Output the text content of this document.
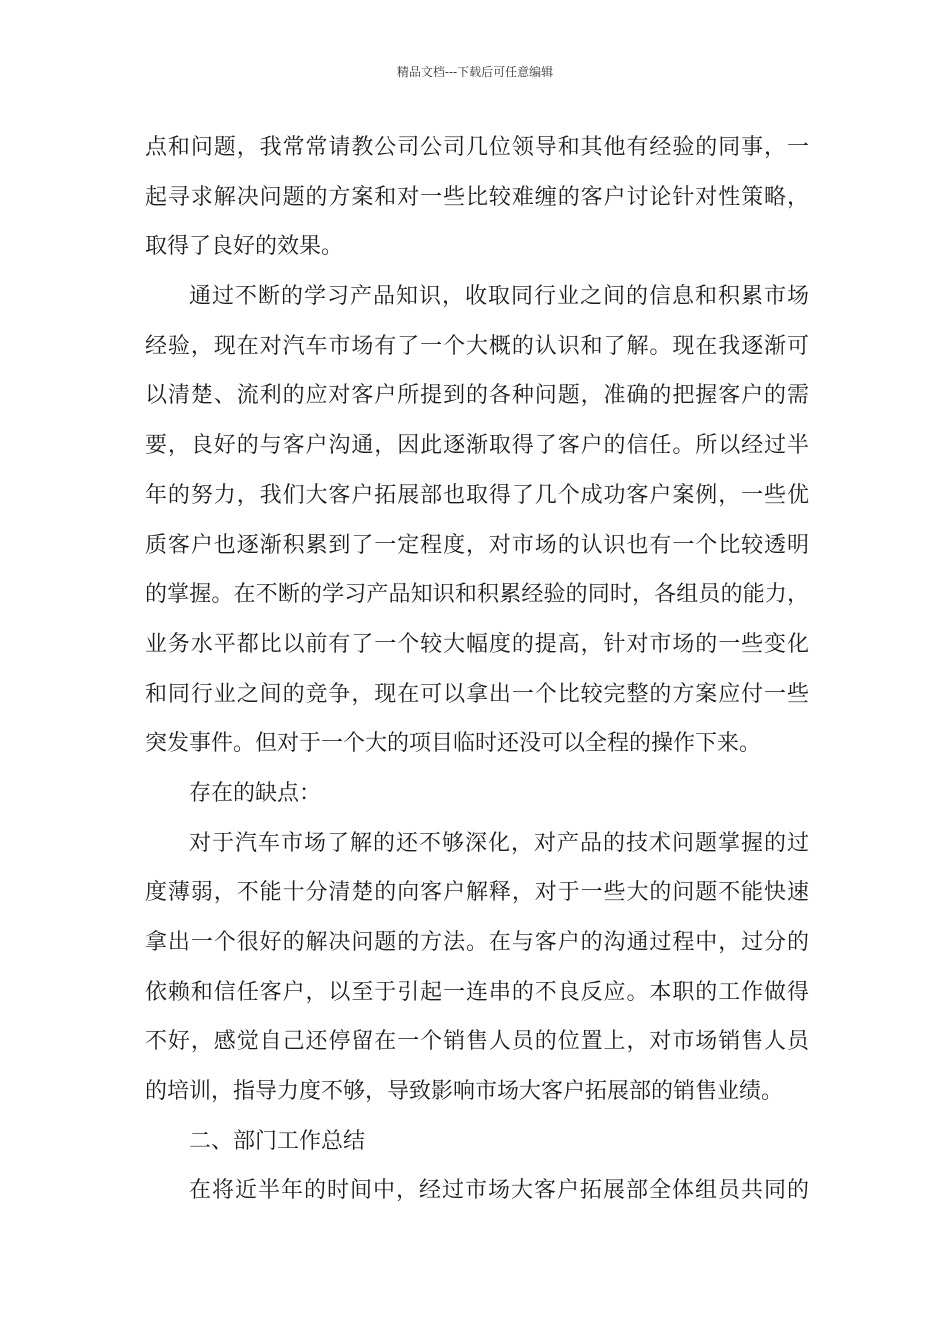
精品文档---下载后可任意编辑
点和问题，我常常请教公司公司几位领导和其他有经验的同事，一
起寻求解决问题的方案和对一些比较难缠的客户讨论针对性策略，
取得了良好的效果。
通过不断的学习产品知识，收取同行业之间的信息和积累市场
经验，现在对汽车市场有了一个大概的认识和了解。现在我逐渐可
以清楚、流利的应对客户所提到的各种问题，准确的把握客户的需
要，良好的与客户沟通，因此逐渐取得了客户的信任。所以经过半
年的努力，我们大客户拓展部也取得了几个成功客户案例，一些优
质客户也逐渐积累到了一定程度，对市场的认识也有一个比较透明
的掌握。在不断的学习产品知识和积累经验的同时，各组员的能力，
业务水平都比以前有了一个较大幅度的提高，针对市场的一些变化
和同行业之间的竞争，现在可以拿出一个比较完整的方案应付一些
突发事件。但对于一个大的项目临时还没可以全程的操作下来。
存在的缺点：
对于汽车市场了解的还不够深化，对产品的技术问题掌握的过
度薄弱，不能十分清楚的向客户解释，对于一些大的问题不能快速
拿出一个很好的解决问题的方法。在与客户的沟通过程中，过分的
依赖和信任客户，以至于引起一连串的不良反应。本职的工作做得
不好，感觉自己还停留在一个销售人员的位置上，对市场销售人员
的培训，指导力度不够，导致影响市场大客户拓展部的销售业绩。
二、部门工作总结
在将近半年的时间中，经过市场大客户拓展部全体组员共同的
